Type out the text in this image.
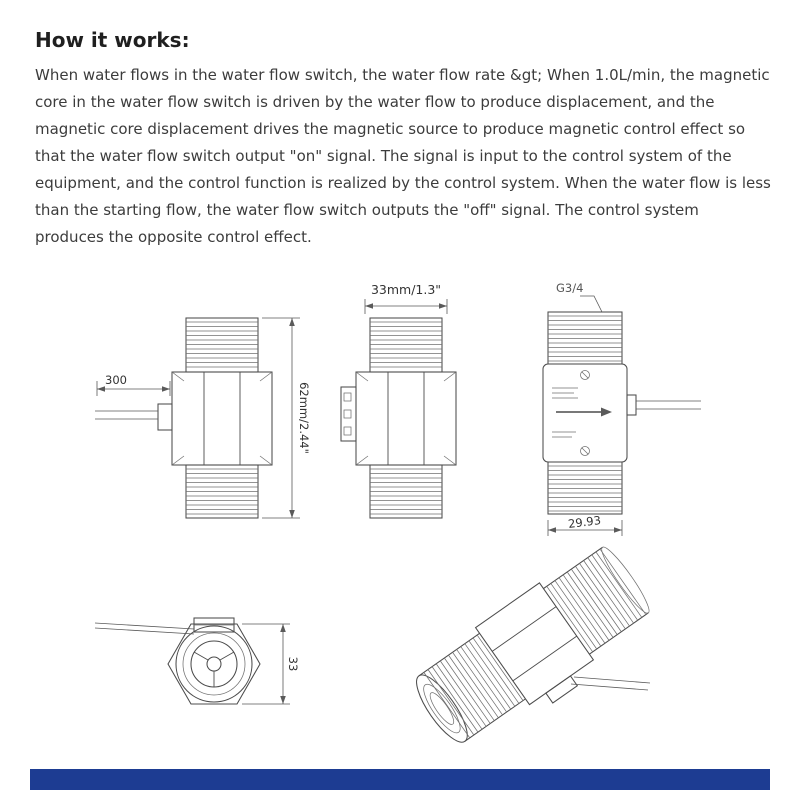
How it works:

When water flows in the water flow switch, the water flow rate &gt; When 1.0L/min, the magnetic core in the water flow switch is driven by the water flow to produce displacement, and the magnetic core displacement drives the magnetic source to produce magnetic control effect so that the water flow switch output "on" signal. The signal is input to the control system of the equipment, and the control function is realized by the control system. When the water flow is less than the starting flow, the water flow switch outputs the "off" signal. The control system produces the opposite control effect.

300
62mm/2.44"
33mm/1.3"	G3/4
29.93
33
